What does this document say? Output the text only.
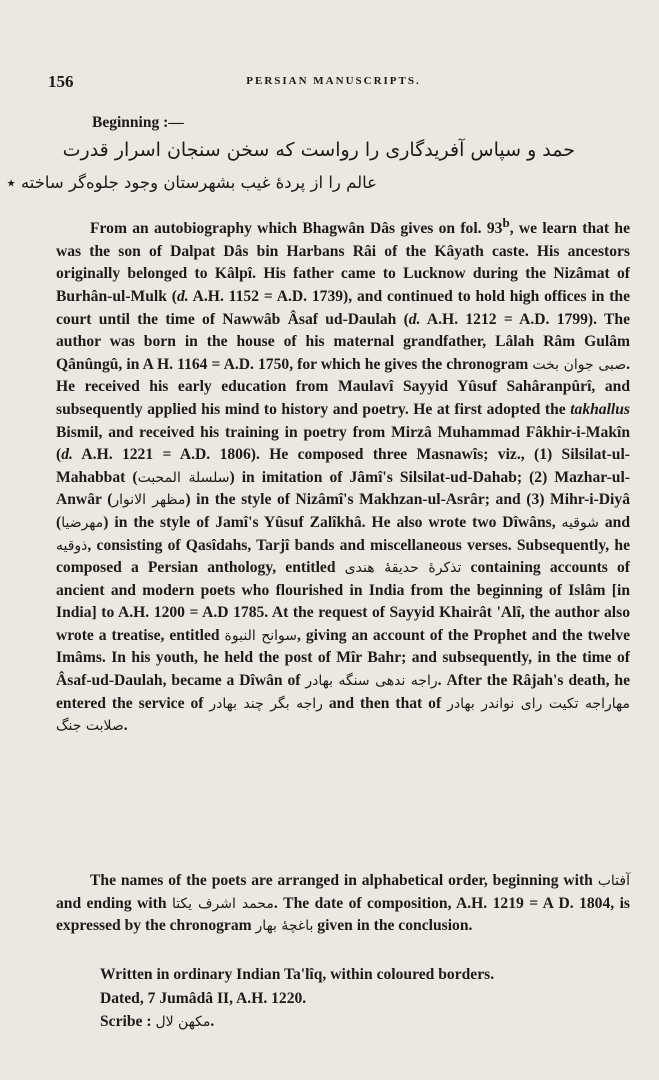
156	PERSIAN MANUSCRIPTS.
Beginning :—
حمد و سپاس آفریدگاری را رواست که سخن سنجان اسرار قدرت
عالم را از پردهٔ غیب بشهرستان وجود جلوه‌گر ساخته ٭
From an autobiography which Bhagwân Dâs gives on fol. 93$^b$, we learn that he was the son of Dalpat Dâs bin Harbans Râi of the Kâyath caste. His ancestors originally belonged to Kâlpî. His father came to Lucknow during the Nizâmat of Burhân-ul-Mulk (d. A.H. 1152 = A.D. 1739), and continued to hold high offices in the court until the time of Nawwâb Âsaf ud-Daulah (d. A.H. 1212 = A.D. 1799). The author was born in the house of his maternal grandfather, Lâlah Râm Gulâm Qânûngû, in A H. 1164 = A.D. 1750, for which he gives the chronogram صبی جوان بخت. He received his early education from Maulavî Sayyid Yûsuf Sahâranpûrî, and subsequently applied his mind to history and poetry. He at first adopted the takhallus Bismil, and received his training in poetry from Mirzâ Muhammad Fâkhir-i-Makîn (d. A.H. 1221 = A.D. 1806). He composed three Masnawîs; viz., (1) Silsilat-ul-Mahabbat (سلسلة المحبت) in imitation of Jâmî's Silsilat-ud-Dahab; (2) Mazhar-ul-Anwâr (مظهر الانوار) in the style of Nizâmî's Makhzan-ul-Asrâr; and (3) Mihr-i-Diyâ (مهرضیا) in the style of Jamî's Yûsuf Zalîkhâ. He also wrote two Dîwâns, شوقیه and ذوقیه, consisting of Qasîdahs, Tarjî bands and miscellaneous verses. Subsequently, he composed a Persian anthology, entitled تذکرهٔ حدیقهٔ هندی containing accounts of ancient and modern poets who flourished in India from the beginning of Islâm [in India] to A.H. 1200 = A.D 1785. At the request of Sayyid Khairât 'Alî, the author also wrote a treatise, entitled سوانح النبوة, giving an account of the Prophet and the twelve Imâms. In his youth, he held the post of Mîr Bahr; and subsequently, in the time of Âsaf-ud-Daulah, became a Dîwân of راجه ندهی سنگه بهادر. After the Râjah's death, he entered the service of راجه بگر چند بهادر and then that of مهاراجه تکیت رای نواندر بهادر صلابت جنگ.
The names of the poets are arranged in alphabetical order, beginning with آفتاب and ending with محمد اشرف یکتا. The date of composition, A.H. 1219 = A D. 1804, is expressed by the chronogram باغچهٔ بهار given in the conclusion.
Written in ordinary Indian Ta'lîq, within coloured borders.
Dated, 7 Jumâdâ II, A.H. 1220.
Scribe : مکهن لال.
